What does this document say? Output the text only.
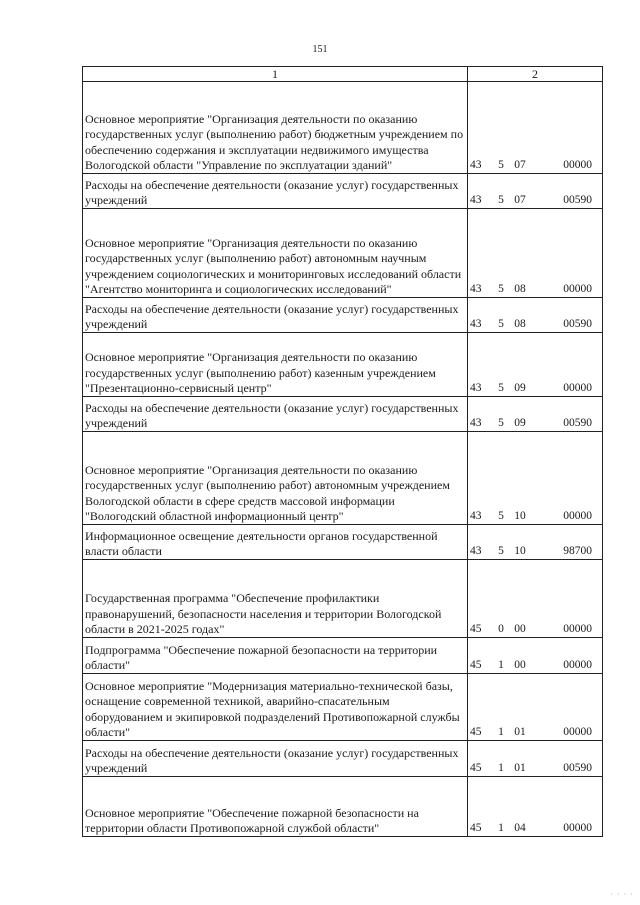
151
1	2
Основное мероприятие "Организация деятельности по оказанию государственных услуг (выполнению работ) бюджетным учреждением по обеспечению содержания и эксплуатации недвижимого имущества Вологодской области "Управление по эксплуатации зданий"	43 5 07 00000
Расходы на обеспечение деятельности (оказание услуг) государственных учреждений	43 5 07 00590
Основное мероприятие "Организация деятельности по оказанию государственных услуг (выполнению работ) автономным научным учреждением социологических и мониторинговых исследований области "Агентство мониторинга и социологических исследований"	43 5 08 00000
Расходы на обеспечение деятельности (оказание услуг) государственных учреждений	43 5 08 00590
Основное мероприятие "Организация деятельности по оказанию государственных услуг (выполнению работ) казенным учреждением "Презентационно-сервисный центр"	43 5 09 00000
Расходы на обеспечение деятельности (оказание услуг) государственных учреждений	43 5 09 00590
Основное мероприятие "Организация деятельности по оказанию государственных услуг (выполнению работ) автономным учреждением Вологодской области в сфере средств массовой информации "Вологодский областной информационный центр"	43 5 10 00000
Информационное освещение деятельности органов государственной власти области	43 5 10 98700
Государственная программа "Обеспечение профилактики правонарушений, безопасности населения и территории Вологодской области в 2021-2025 годах"	45 0 00 00000
Подпрограмма "Обеспечение пожарной безопасности на территории области"	45 1 00 00000
Основное мероприятие "Модернизация материально-технической базы, оснащение современной техникой, аварийно-спасательным оборудованием и экипировкой подразделений Противопожарной службы области"	45 1 01 00000
Расходы на обеспечение деятельности (оказание услуг) государственных учреждений	45 1 01 00590
Основное мероприятие "Обеспечение пожарной безопасности на территории области Противопожарной службой области"	45 1 04 00000
· · · ·
